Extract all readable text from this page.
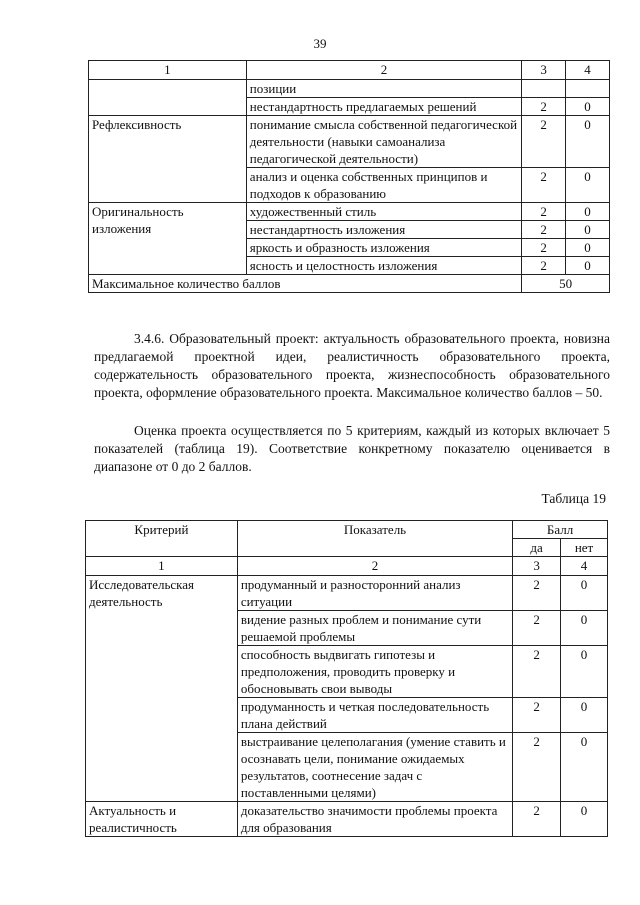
39
1	2	3	4
	позиции		
	нестандартность предлагаемых решений	2	0
Рефлексивность	понимание смысла собственной педагогической деятельности (навыки самоанализа педагогической деятельности)	2	0
	анализ и оценка собственных принципов и подходов к образованию	2	0
Оригинальность изложения	художественный стиль	2	0
	нестандартность изложения	2	0
	яркость и образность изложения	2	0
	ясность и целостность изложения	2	0
Максимальное количество баллов		50	

3.4.6. Образовательный проект: актуальность образовательного проекта, новизна предлагаемой проектной идеи, реалистичность образовательного проекта, содержательность образовательного проекта, жизнеспособность образовательного проекта, оформление образовательного проекта. Максимальное количество баллов – 50.

Оценка проекта осуществляется по 5 критериям, каждый из которых включает 5 показателей (таблица 19). Соответствие конкретному показателю оценивается в диапазоне от 0 до 2 баллов.

Таблица 19
Критерий	Показатель	Балл	
		да	нет
1	2	3	4
Исследовательская деятельность	продуманный и разносторонний анализ ситуации	2	0
	видение разных проблем и понимание сути решаемой проблемы	2	0
	способность выдвигать гипотезы и предположения, проводить проверку и обосновывать свои выводы	2	0
	продуманность и четкая последовательность плана действий	2	0
	выстраивание целеполагания (умение ставить и осознавать цели, понимание ожидаемых результатов, соотнесение задач с поставленными целями)	2	0
Актуальность и реалистичность	доказательство значимости проблемы проекта для образования	2	0
